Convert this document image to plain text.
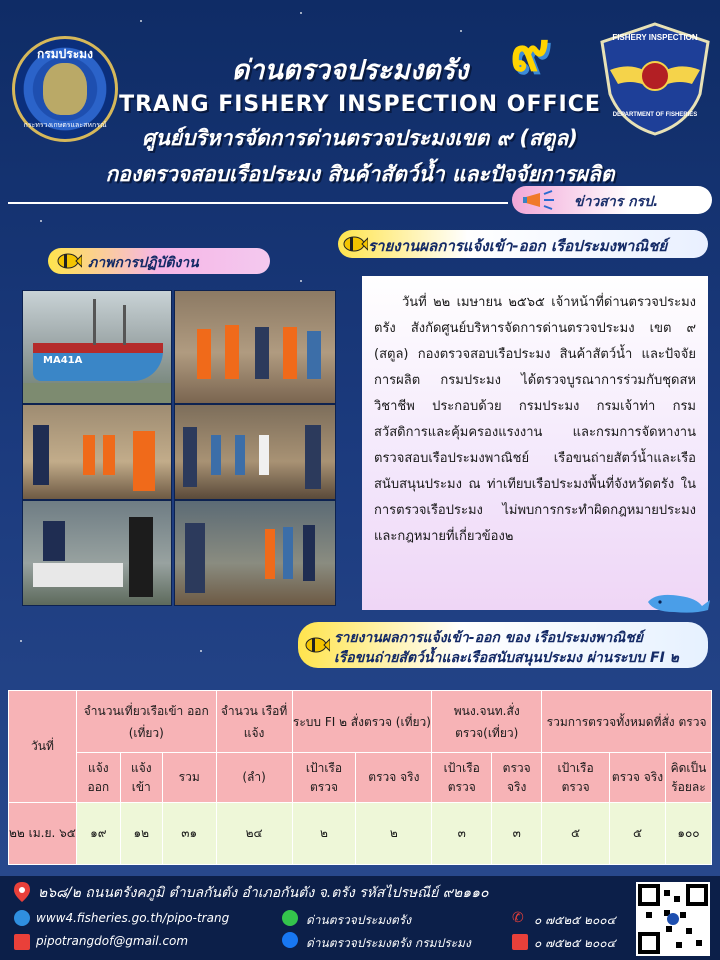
กรมประมง
กระทรวงเกษตรและสหกรณ์
๙	FISHERY INSPECTION
DEPARTMENT OF FISHERIES
ด่านตรวจประมงตรัง
TRANG FISHERY INSPECTION OFFICE
ศูนย์บริหารจัดการด่านตรวจประมงเขต ๙ (สตูล)
กองตรวจสอบเรือประมง สินค้าสัตว์น้ำ และปัจจัยการผลิต
ข่าวสาร กรป.
ภาพการปฏิบัติงาน
รายงานผลการแจ้งเข้า-ออก เรือประมงพาณิชย์
MA41A
วันที่ ๒๒ เมษายน ๒๕๖๕ เจ้าหน้าที่ด่านตรวจประมงตรัง สังกัดศูนย์บริหารจัดการด่านตรวจประมง เขต ๙ (สตูล) กองตรวจสอบเรือประมง สินค้าสัตว์น้ำ และปัจจัยการผลิต กรมประมง ได้ตรวจบูรณาการร่วมกับชุดสหวิชาชีพ ประกอบด้วย กรมประมง กรมเจ้าท่า กรมสวัสดิการและคุ้มครองแรงงาน และกรมการจัดหางาน ตรวจสอบเรือประมงพาณิชย์ เรือขนถ่ายสัตว์น้ำและเรือสนับสนุนประมง ณ ท่าเทียบเรือประมงพื้นที่จังหวัดตรัง ในการตรวจเรือประมง ไม่พบการกระทำผิดกฎหมายประมงและกฎหมายที่เกี่ยวข้อง๒
รายงานผลการแจ้งเข้า-ออก ของ เรือประมงพาณิชย์
เรือขนถ่ายสัตว์น้ำและเรือสนับสนุนประมง ผ่านระบบ FI ๒
วันที่	จำนวนเที่ยวเรือเข้า ออก (เที่ยว)			จำนวน เรือที่แจ้ง	ระบบ FI ๒ สั่งตรวจ (เที่ยว)		พนง.จนท.สั่ง ตรวจ(เที่ยว)		รวมการตรวจทั้งหมดที่สั่ง ตรวจ		
	แจ้ง ออก	แจ้ง เข้า	รวม	(ลำ)	เป้าเรือ ตรวจ	ตรวจ จริง	เป้าเรือ ตรวจ	ตรวจ จริง	เป้าเรือ ตรวจ	ตรวจ จริง	คิดเป็น ร้อยละ
๒๒ เม.ย. ๖๕	๑๙	๑๒	๓๑	๒๔	๒	๒	๓	๓	๕	๕	๑๐๐
๒๖๘/๒ ถนนตรังคภูมิ ตำบลกันตัง อำเภอกันตัง จ.ตรัง รหัสไปรษณีย์ ๙๒๑๑๐
www4.fisheries.go.th/pipo-trang	ด่านตรวจประมงตรัง	✆ ๐ ๗๕๒๕ ๒๐๐๔
pipotrangdof@gmail.com	ด่านตรวจประมงตรัง กรมประมง	๐ ๗๕๒๕ ๒๐๐๔
